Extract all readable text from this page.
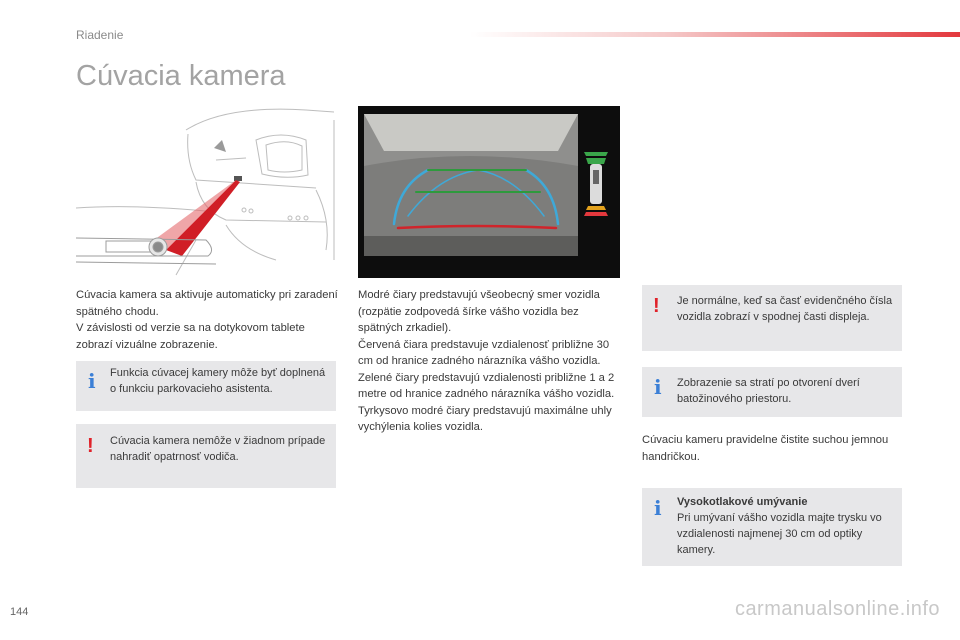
Riadenie
Cúvacia kamera
Cúvacia kamera sa aktivuje automaticky pri zaradení spätného chodu.
V závislosti od verzie sa na dotykovom tablete zobrazí vizuálne zobrazenie.
i Funkcia cúvacej kamery môže byť doplnená o funkciu parkovacieho asistenta.
! Cúvacia kamera nemôže v žiadnom prípade nahradiť opatrnosť vodiča.
Modré čiary predstavujú všeobecný smer vozidla (rozpätie zodpovedá šírke vášho vozidla bez spätných zrkadiel).
Červená čiara predstavuje vzdialenosť približne 30 cm od hranice zadného nárazníka vášho vozidla.
Zelené čiary predstavujú vzdialenosti približne 1 a 2 metre od hranice zadného nárazníka vášho vozidla.
Tyrkysovo modré čiary predstavujú maximálne uhly vychýlenia kolies vozidla.
! Je normálne, keď sa časť evidenčného čísla vozidla zobrazí v spodnej časti displeja.
i Zobrazenie sa stratí po otvorení dverí batožinového priestoru.
Cúvaciu kameru pravidelne čistite suchou jemnou handričkou.
i Vysokotlakové umývanie
Pri umývaní vášho vozidla majte trysku vo vzdialenosti najmenej 30 cm od optiky kamery.
144	carmanualsonline.info
